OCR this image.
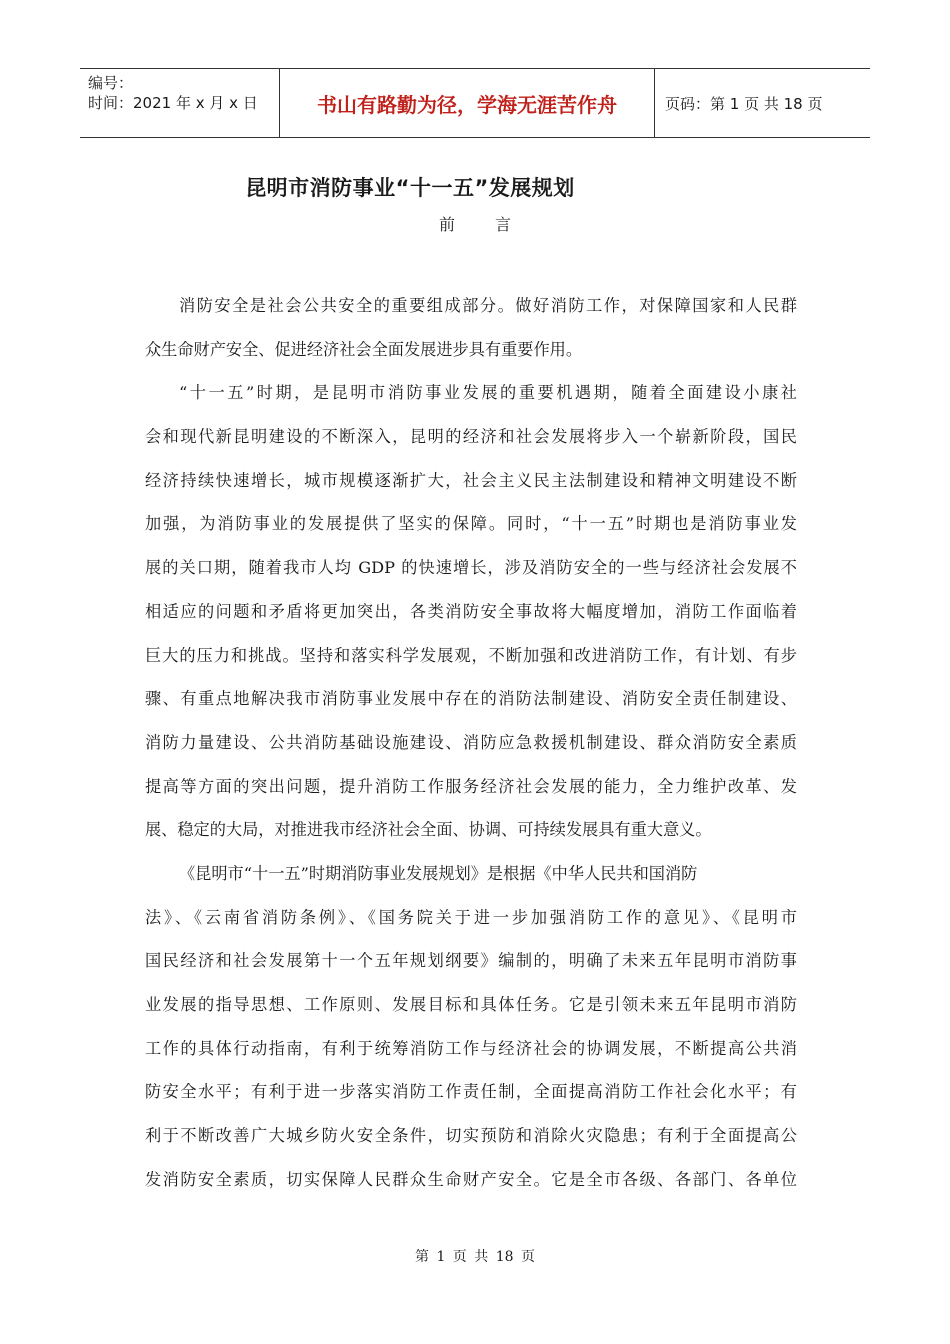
编号：
时间：2021 年 x 月 x 日	书山有路勤为径，学海无涯苦作舟	页码：第 1 页 共 18 页
昆明市消防事业“十一五”发展规划
前言
消防安全是社会公共安全的重要组成部分。做好消防工作，对保障国家和人民群
众生命财产安全、促进经济社会全面发展进步具有重要作用。
“十一五”时期，是昆明市消防事业发展的重要机遇期，随着全面建设小康社
会和现代新昆明建设的不断深入，昆明的经济和社会发展将步入一个崭新阶段，国民
经济持续快速增长，城市规模逐渐扩大，社会主义民主法制建设和精神文明建设不断
加强，为消防事业的发展提供了坚实的保障。同时，“十一五”时期也是消防事业发
展的关口期，随着我市人均 GDP 的快速增长，涉及消防安全的一些与经济社会发展不
相适应的问题和矛盾将更加突出，各类消防安全事故将大幅度增加，消防工作面临着
巨大的压力和挑战。坚持和落实科学发展观，不断加强和改进消防工作，有计划、有步
骤、有重点地解决我市消防事业发展中存在的消防法制建设、消防安全责任制建设、
消防力量建设、公共消防基础设施建设、消防应急救援机制建设、群众消防安全素质
提高等方面的突出问题，提升消防工作服务经济社会发展的能力，全力维护改革、发
展、稳定的大局，对推进我市经济社会全面、协调、可持续发展具有重大意义。
《昆明市“十一五”时期消防事业发展规划》是根据《中华人民共和国消防
法》、《云南省消防条例》、《国务院关于进一步加强消防工作的意见》、《昆明市
国民经济和社会发展第十一个五年规划纲要》编制的，明确了未来五年昆明市消防事
业发展的指导思想、工作原则、发展目标和具体任务。它是引领未来五年昆明市消防
工作的具体行动指南，有利于统筹消防工作与经济社会的协调发展，不断提高公共消
防安全水平；有利于进一步落实消防工作责任制，全面提高消防工作社会化水平；有
利于不断改善广大城乡防火安全条件，切实预防和消除火灾隐患；有利于全面提高公
发消防安全素质，切实保障人民群众生命财产安全。它是全市各级、各部门、各单位
第 1 页 共 18 页
